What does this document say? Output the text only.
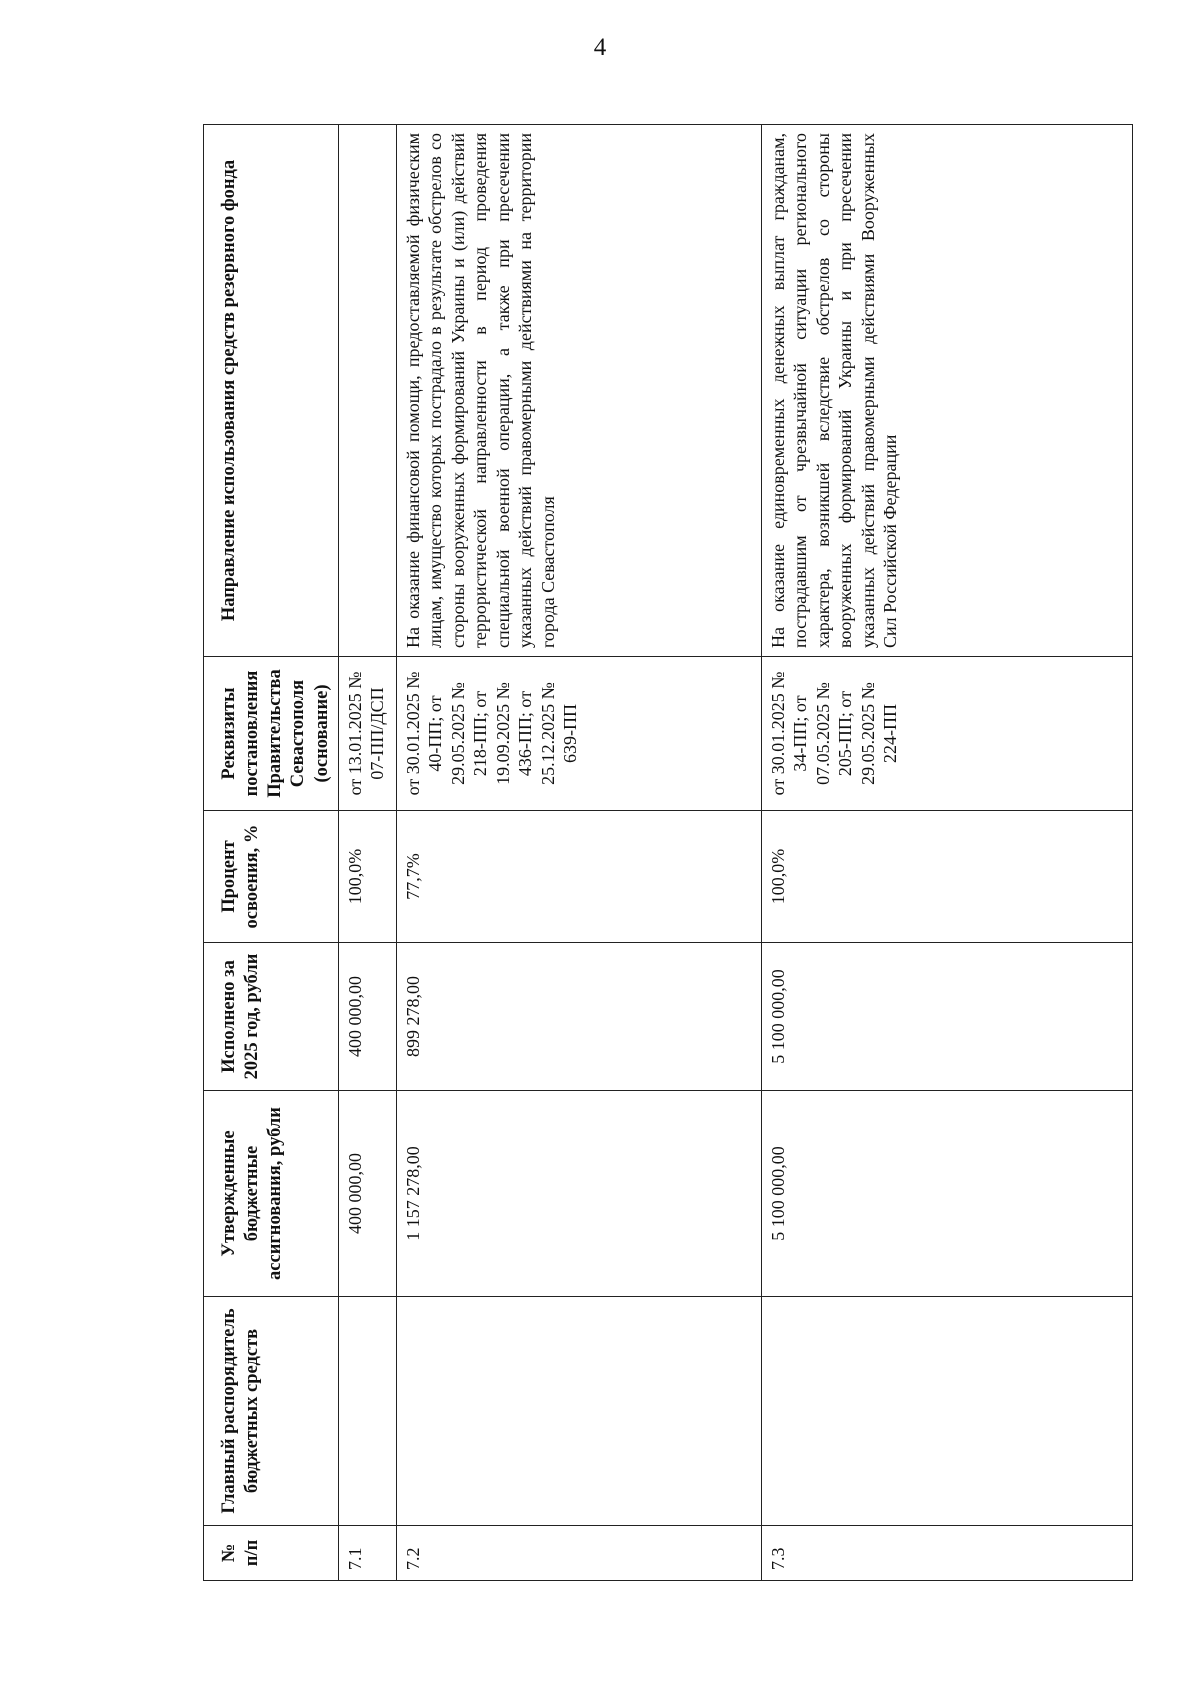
4
№ п/п	Главный распорядитель бюджетных средств	Утвержденные бюджетные ассигнования, рубли	Исполнено за 2025 год, рубли	Процент освоения, %	Реквизиты постановления Правительства Севастополя (основание)	Направление использования средств резервного фонда
7.1		400 000,00	400 000,00	100,0%	от 13.01.2025 № 07-ПП/ДСП	
7.2		1 157 278,00	899 278,00	77,7%	от 30.01.2025 № 40-ПП; от 29.05.2025 № 218-ПП; от 19.09.2025 № 436-ПП; от 25.12.2025 № 639-ПП	На оказание финансовой помощи, предоставляемой физическим лицам, имущество которых пострадало в результате обстрелов со стороны вооруженных формирований Украины и (или) действий террористической направленности в период проведения специальной военной операции, а также при пресечении указанных действий правомерными действиями на территории города Севастополя
7.3		5 100 000,00	5 100 000,00	100,0%	от 30.01.2025 № 34-ПП; от 07.05.2025 № 205-ПП; от 29.05.2025 № 224-ПП	На оказание единовременных денежных выплат гражданам, пострадавшим от чрезвычайной ситуации регионального характера, возникшей вследствие обстрелов со стороны вооруженных формирований Украины и при пресечении указанных действий правомерными действиями Вооруженных Сил Российской Федерации
